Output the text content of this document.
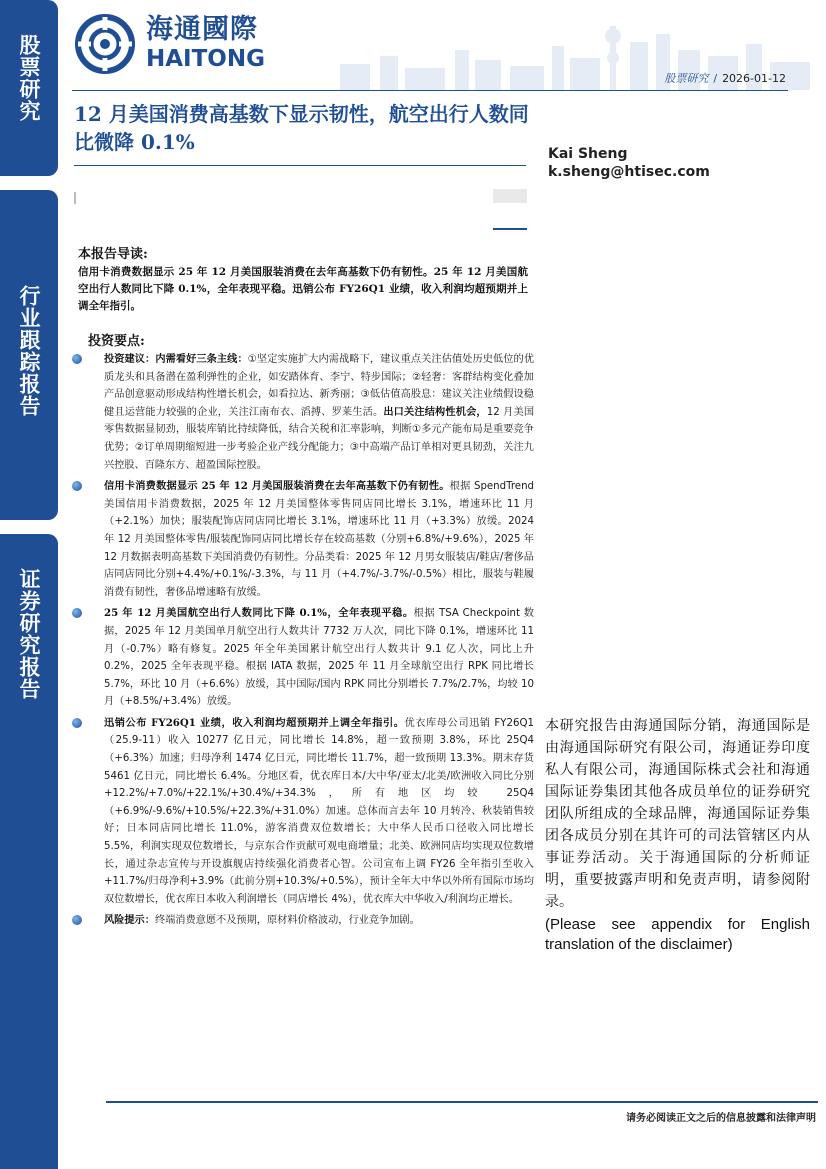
股票研究
行业跟踪报告
证券研究报告
海通國際
HAITONG
股票研究 / 2026-01-12
12 月美国消费高基数下显示韧性，航空出行人数同比微降 0.1%	Kai Sheng
k.sheng@htisec.com
本报告导读:
信用卡消费数据显示 25 年 12 月美国服装消费在去年高基数下仍有韧性。25 年 12 月美国航空出行人数同比下降 0.1%，全年表现平稳。迅销公布 FY26Q1 业绩，收入利润均超预期并上调全年指引。
投资要点:
投资建议：内需看好三条主线：①坚定实施扩大内需战略下，建议重点关注估值处历史低位的优质龙头和具备潜在盈利弹性的企业，如安踏体育、李宁、特步国际；②轻奢：客群结构变化叠加产品创意驱动形成结构性增长机会，如看拉达、新秀丽；③低估值高股息：建议关注业绩假设稳健且运营能力较强的企业，关注江南布衣、滔搏、罗莱生活。出口关注结构性机会，12 月美国零售数据显韧劲，服装库销比持续降低，结合关税和汇率影响，判断①多元产能布局是重要竞争优势；②订单周期缩短进一步考验企业产线分配能力；③中高端产品订单相对更具韧劲，关注九兴控股、百隆东方、超盈国际控股。
信用卡消费数据显示 25 年 12 月美国服装消费在去年高基数下仍有韧性。根据 SpendTrend 美国信用卡消费数据，2025 年 12 月美国整体零售同店同比增长 3.1%，增速环比 11 月（+2.1%）加快；服装配饰店同店同比增长 3.1%，增速环比 11 月（+3.3%）放缓。2024 年 12 月美国整体零售/服装配饰同店同比增长存在较高基数（分别+6.8%/+9.6%），2025 年 12 月数据表明高基数下美国消费仍有韧性。分品类看：2025 年 12 月男女服装店/鞋店/奢侈品店同店同比分别+4.4%/+0.1%/-3.3%，与 11 月（+4.7%/-3.7%/-0.5%）相比，服装与鞋履消费有韧性，奢侈品增速略有放缓。
25 年 12 月美国航空出行人数同比下降 0.1%，全年表现平稳。根据 TSA Checkpoint 数据，2025 年 12 月美国单月航空出行人数共计 7732 万人次，同比下降 0.1%，增速环比 11 月（-0.7%）略有修复。2025 年全年美国累计航空出行人数共计 9.1 亿人次，同比上升 0.2%，2025 全年表现平稳。根据 IATA 数据，2025 年 11 月全球航空出行 RPK 同比增长 5.7%，环比 10 月（+6.6%）放缓，其中国际/国内 RPK 同比分别增长 7.7%/2.7%，均较 10 月（+8.5%/+3.4%）放缓。
迅销公布 FY26Q1 业绩，收入利润均超预期并上调全年指引。优衣库母公司迅销 FY26Q1（25.9-11）收入 10277 亿日元，同比增长 14.8%，超一致预期 3.8%，环比 25Q4（+6.3%）加速；归母净利 1474 亿日元，同比增长 11.7%，超一致预期 13.3%。期末存货 5461 亿日元，同比增长 6.4%。分地区看，优衣库日本/大中华/亚太/北美/欧洲收入同比分别+12.2%/+7.0%/+22.1%/+30.4%/+34.3%，所有地区均较 25Q4（+6.9%/-9.6%/+10.5%/+22.3%/+31.0%）加速。总体而言去年 10 月转冷、秋装销售较好；日本同店同比增长 11.0%，游客消费双位数增长；大中华人民币口径收入同比增长 5.5%，利润实现双位数增长，与京东合作贡献可观电商增量；北美、欧洲同店均实现双位数增长，通过杂志宣传与开设旗舰店持续强化消费者心智。公司宣布上调 FY26 全年指引至收入+11.7%/归母净利+3.9%（此前分别+10.3%/+0.5%），预计全年大中华以外所有国际市场均双位数增长，优衣库日本收入利润增长（同店增长 4%），优衣库大中华收入/利润均正增长。
风险提示：终端消费意愿不及预期，原材料价格波动，行业竞争加剧。
本研究报告由海通国际分销，海通国际是由海通国际研究有限公司，海通证券印度私人有限公司，海通国际株式会社和海通国际证券集团其他各成员单位的证券研究团队所组成的全球品牌，海通国际证券集团各成员分别在其许可的司法管辖区内从事证券活动。关于海通国际的分析师证明，重要披露声明和免责声明，请参阅附录。
(Please see appendix for English translation of the disclaimer)
请务必阅读正文之后的信息披露和法律声明
